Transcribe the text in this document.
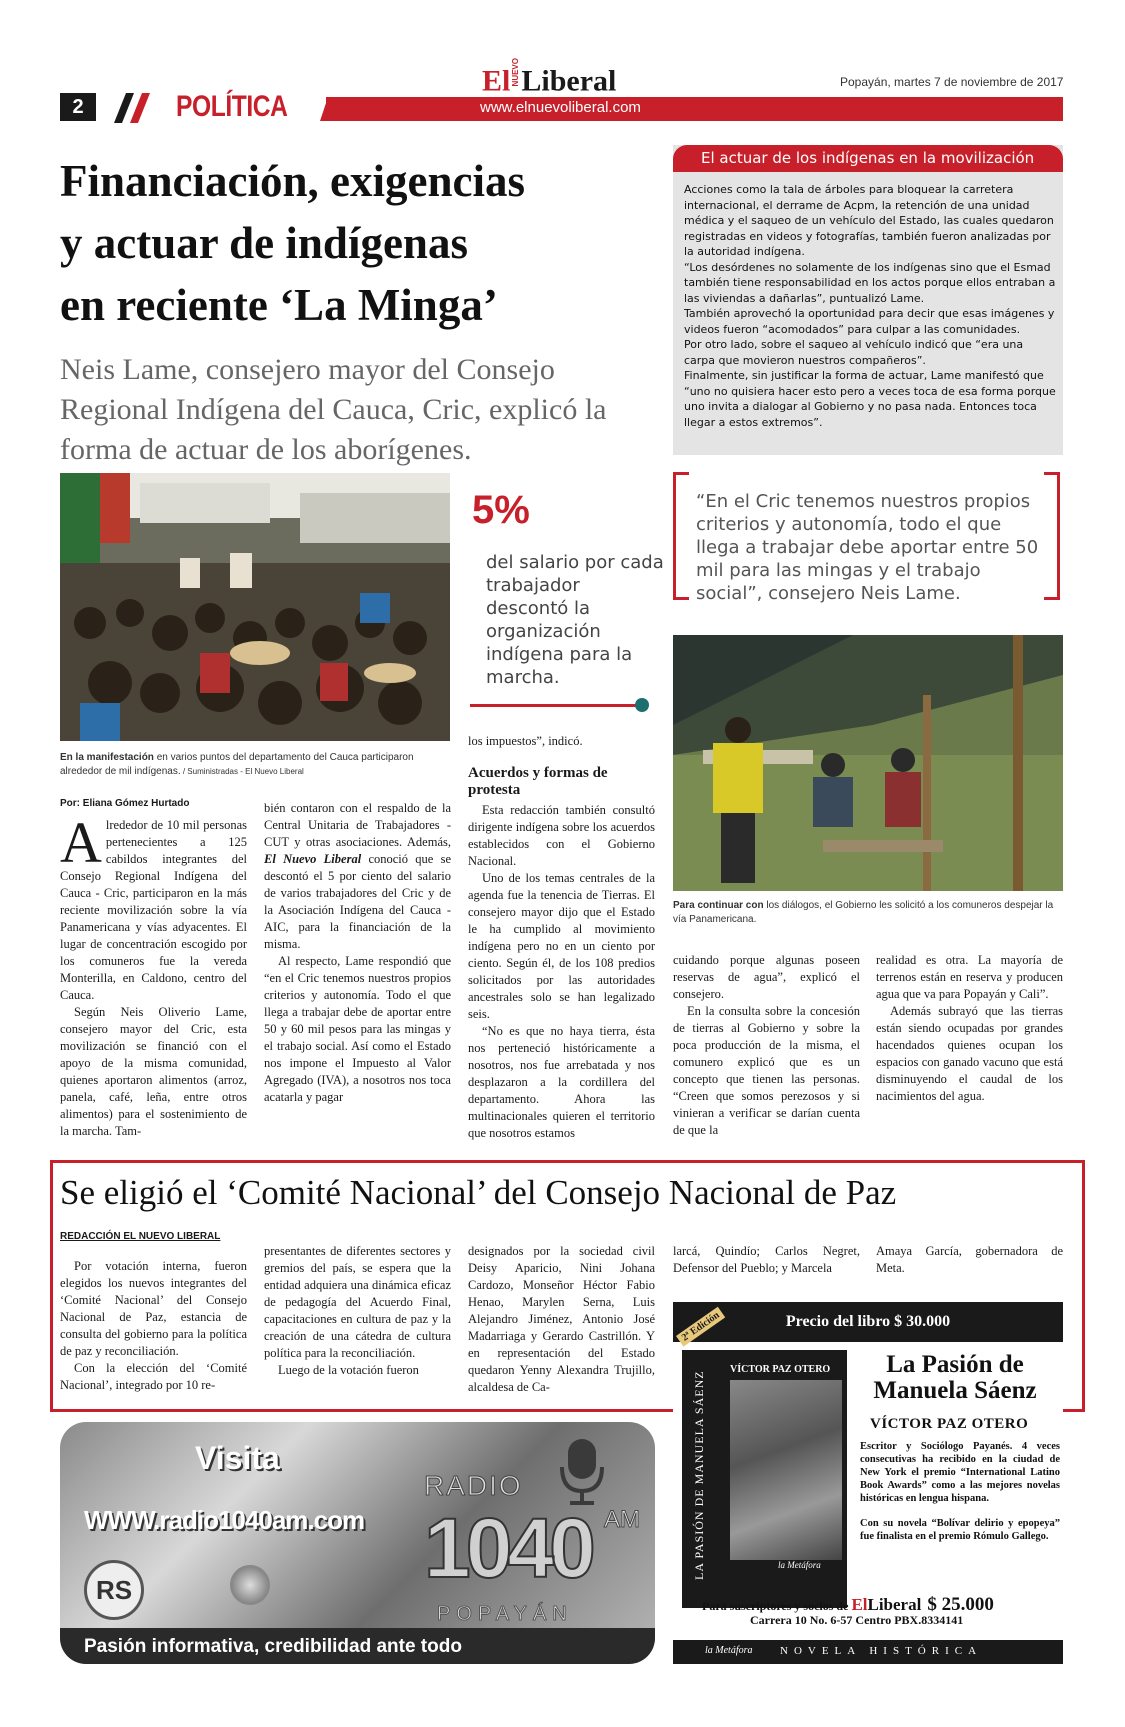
2	POLÍTICA	www.elnuevoliberal.com
ElNUEVOLiberal	Popayán, martes 7 de noviembre de 2017
Financiación, exigencias
y actuar de indígenas
en reciente ‘La Minga’
Neis Lame, consejero mayor del Consejo Regional Indígena del Cauca, Cric, explicó la forma de actuar de los aborígenes.
El actuar de los indígenas en la movilización

Acciones como la tala de árboles para bloquear la carretera internacional, el derrame de Acpm, la retención de una unidad médica y el saqueo de un vehículo del Estado, las cuales quedaron registradas en videos y fotografías, también fueron analizadas por la autoridad indígena.

“Los desórdenes no solamente de los indígenas sino que el Esmad también tiene responsabilidad en los actos porque ellos entraban a las viviendas a dañarlas”, puntualizó Lame.

También aprovechó la oportunidad para decir que esas imágenes y videos fueron “acomodados” para culpar a las comunidades.

Por otro lado, sobre el saqueo al vehículo indicó que “era una carpa que movieron nuestros compañeros”.

Finalmente, sin justificar la forma de actuar, Lame manifestó que “uno no quisiera hacer esto pero a veces toca de esa forma porque uno invita a dialogar al Gobierno y no pasa nada. Entonces toca llegar a estos extremos”.

“En el Cric tenemos nuestros propios criterios y autonomía, todo el que llega a trabajar debe aportar entre 50 mil para las mingas y el trabajo social”, consejero Neis Lame.
5%
del salario por cada trabajador descontó la organización indígena para la marcha.
En la manifestación en varios puntos del departamento del Cauca participaron alrededor de mil indígenas. / Suministradas - El Nuevo Liberal
Para continuar con los diálogos, el Gobierno les solicitó a los comuneros despejar la vía Panamericana.
Por: Eliana Gómez Hurtado

Alrededor de 10 mil personas pertenecientes a 125 cabildos integrantes del Consejo Regional Indígena del Cauca - Cric, participaron en la más reciente movilización sobre la vía Panamericana y vías adyacentes. El lugar de concentración escogido por los comuneros fue la vereda Monterilla, en Caldono, centro del Cauca.

Según Neis Oliverio Lame, consejero mayor del Cric, esta movilización se financió con el apoyo de la misma comunidad, quienes aportaron alimentos (arroz, panela, café, leña, entre otros alimentos) para el sostenimiento de la marcha. Tam-

bién contaron con el respaldo de la Central Unitaria de Trabajadores - CUT y otras asociaciones. Además, El Nuevo Liberal conoció que se descontó el 5 por ciento del salario de varios trabajadores del Cric y de la Asociación Indígena del Cauca - AIC, para la financiación de la misma.

Al respecto, Lame respondió que “en el Cric tenemos nuestros propios criterios y autonomía. Todo el que llega a trabajar debe de aportar entre 50 y 60 mil pesos para las mingas y el trabajo social. Así como el Estado nos impone el Impuesto al Valor Agregado (IVA), a nosotros nos toca acatarla y pagar

los impuestos”, indicó.

Acuerdos y formas de protesta

Esta redacción también consultó dirigente indígena sobre los acuerdos establecidos con el Gobierno Nacional.

Uno de los temas centrales de la agenda fue la tenencia de Tierras. El consejero mayor dijo que el Estado le ha cumplido al movimiento indígena pero no en un ciento por ciento. Según él, de los 108 predios solicitados por las autoridades ancestrales solo se han legalizado seis.

“No es que no haya tierra, ésta nos perteneció históricamente a nosotros, nos fue arrebatada y nos desplazaron a la cordillera del departamento. Ahora las multinacionales quieren el territorio que nosotros estamos

cuidando porque algunas poseen reservas de agua”, explicó el consejero.

En la consulta sobre la concesión de tierras al Gobierno y sobre la poca producción de la misma, el comunero explicó que es un concepto que tienen las personas. “Creen que somos perezosos y si vinieran a verificar se darían cuenta de que la

realidad es otra. La mayoría de terrenos están en reserva y producen agua que va para Popayán y Cali”.

Además subrayó que las tierras están siendo ocupadas por grandes hacendados quienes ocupan los espacios con ganado vacuno que está disminuyendo el caudal de los nacimientos del agua.

Se eligió el ‘Comité Nacional’ del Consejo Nacional de Paz
REDACCIÓN EL NUEVO LIBERAL

Por votación interna, fueron elegidos los nuevos integrantes del ‘Comité Nacional’ del Consejo Nacional de Paz, estancia de consulta del gobierno para la política de paz y reconciliación.

Con la elección del ‘Comité Nacional’, integrado por 10 re-

presentantes de diferentes sectores y gremios del país, se espera que la entidad adquiera una dinámica eficaz de pedagogía del Acuerdo Final, capacitaciones en cultura de paz y la creación de una cátedra de cultura política para la reconciliación.

Luego de la votación fueron

designados por la sociedad civil Deisy Aparicio, Nini Johana Cardozo, Monseñor Héctor Fabio Henao, Marylen Serna, Luis Alejandro Jiménez, Antonio José Madarriaga y Gerardo Castrillón. Y en representación del Estado quedaron Yenny Alexandra Trujillo, alcaldesa de Ca-

larcá, Quindío; Carlos Negret, Defensor del Pueblo; y Marcela

Amaya García, gobernadora de Meta.

Visita
WWW.radio1040am.com
RADIO
1040 AM
POPAYÁN
RS
Pasión informativa, credibilidad ante todo
Precio del libro $ 30.000
VÍCTOR PAZ OTERO
LA PASIÓN DE MANUELA SÁENZ	la Metáfora
2ª Edición
La Pasión de
Manuela Sáenz
VÍCTOR PAZ OTERO

Escritor y Sociólogo Payanés. 4 veces consecutivas ha recibido en la ciudad de New York el premio “International Latino Book Awards” como a las mejores novelas históricas en lengua hispana.

Con su novela “Bolívar delirio y epopeya” fue finalista en el premio Rómulo Gallego.

Para suscriptores y socios de ElLiberal $ 25.000
Carrera 10 No. 6-57 Centro PBX.8334141
la Metáfora	NOVELA HISTÓRICA
